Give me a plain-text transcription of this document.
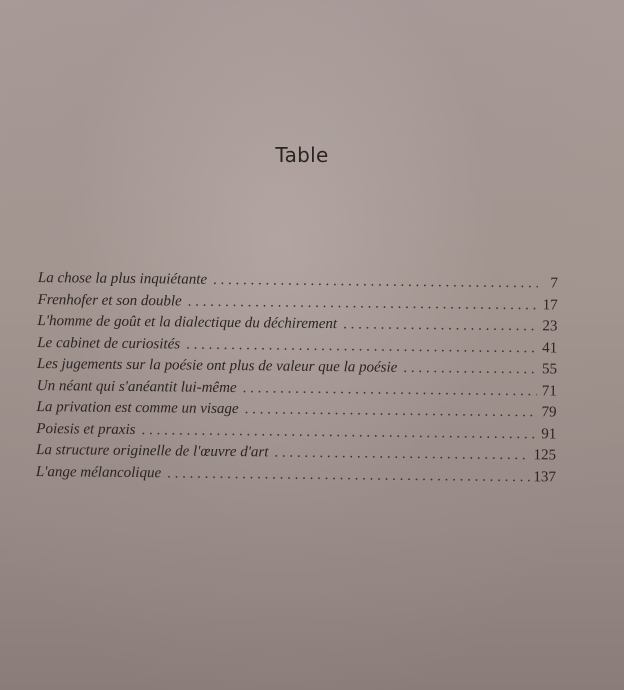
Table
La chose la plus inquiétante . . .	7
Frenhofer et son double . . .	17
L'homme de goût et la dialectique du déchirement . . .	23
Le cabinet de curiosités . . .	41
Les jugements sur la poésie ont plus de valeur que la poésie . . .	55
Un néant qui s'anéantit lui-même . . .	71
La privation est comme un visage . . .	79
Poiesis et praxis . . .	91
La structure originelle de l'œuvre d'art . . .	125
L'ange mélancolique . . .	137
